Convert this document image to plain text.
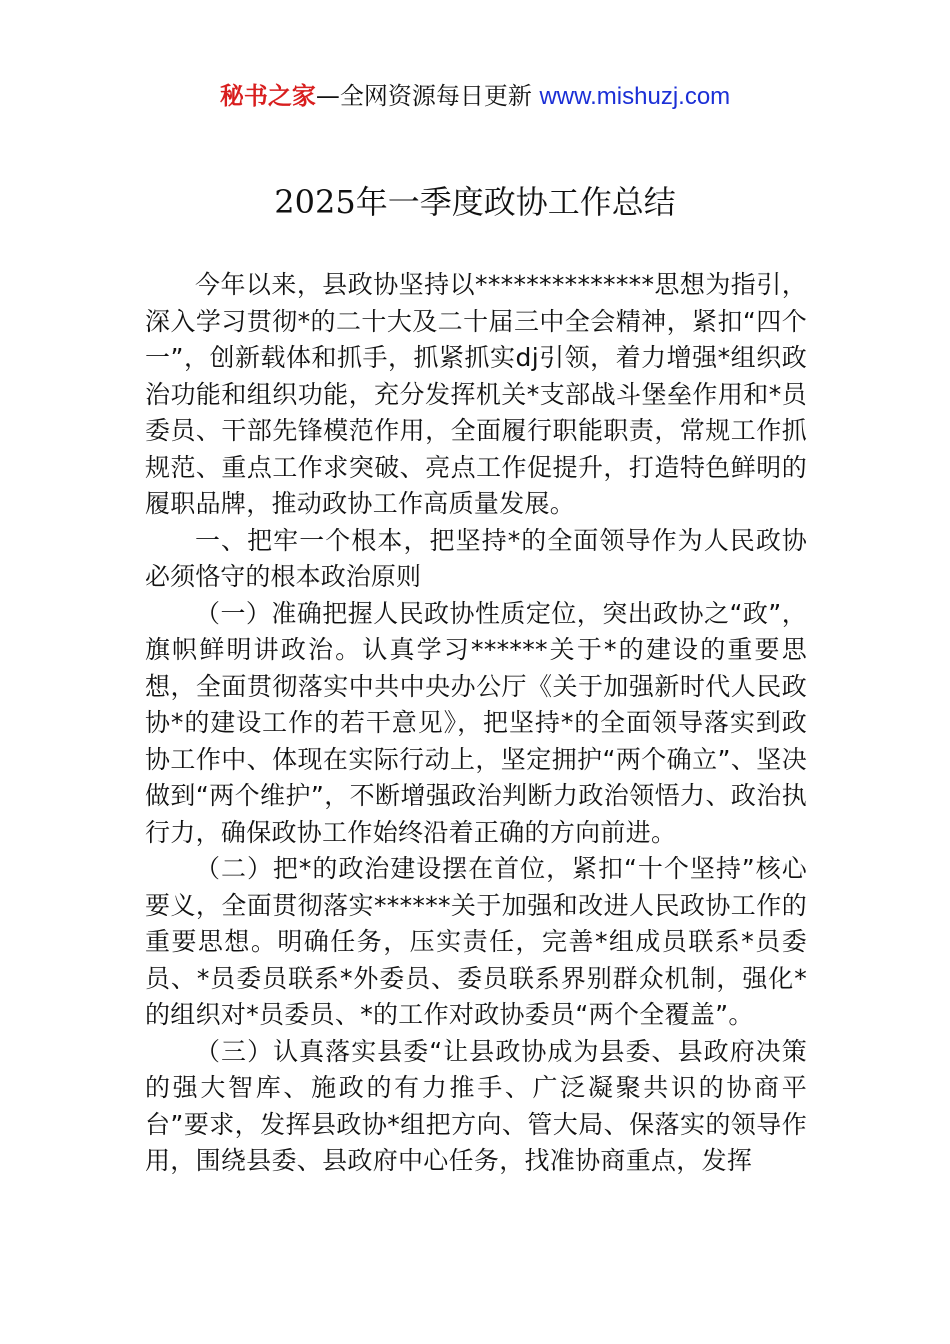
秘书之家—全网资源每日更新 www.mishuzj.com
2025年一季度政协工作总结

今年以来，县政协坚持以**************思想为指引，深入学习贯彻*的二十大及二十届三中全会精神，紧扣“四个一”，创新载体和抓手，抓紧抓实dj引领，着力增强*组织政治功能和组织功能，充分发挥机关*支部战斗堡垒作用和*员委员、干部先锋模范作用，全面履行职能职责，常规工作抓规范、重点工作求突破、亮点工作促提升，打造特色鲜明的履职品牌，推动政协工作高质量发展。

一、把牢一个根本，把坚持*的全面领导作为人民政协必须恪守的根本政治原则

（一）准确把握人民政协性质定位，突出政协之“政”，旗帜鲜明讲政治。认真学习******关于*的建设的重要思想，全面贯彻落实中共中央办公厅《关于加强新时代人民政协*的建设工作的若干意见》，把坚持*的全面领导落实到政协工作中、体现在实际行动上，坚定拥护“两个确立”、坚决做到“两个维护”，不断增强政治判断力政治领悟力、政治执行力，确保政协工作始终沿着正确的方向前进。

（二）把*的政治建设摆在首位，紧扣“十个坚持”核心要义，全面贯彻落实******关于加强和改进人民政协工作的重要思想。明确任务，压实责任，完善*组成员联系*员委员、*员委员联系*外委员、委员联系界别群众机制，强化*的组织对*员委员、*的工作对政协委员“两个全覆盖”。

（三）认真落实县委“让县政协成为县委、县政府决策的强大智库、施政的有力推手、广泛凝聚共识的协商平台”要求，发挥县政协*组把方向、管大局、保落实的领导作用，围绕县委、县政府中心任务，找准协商重点，发挥
